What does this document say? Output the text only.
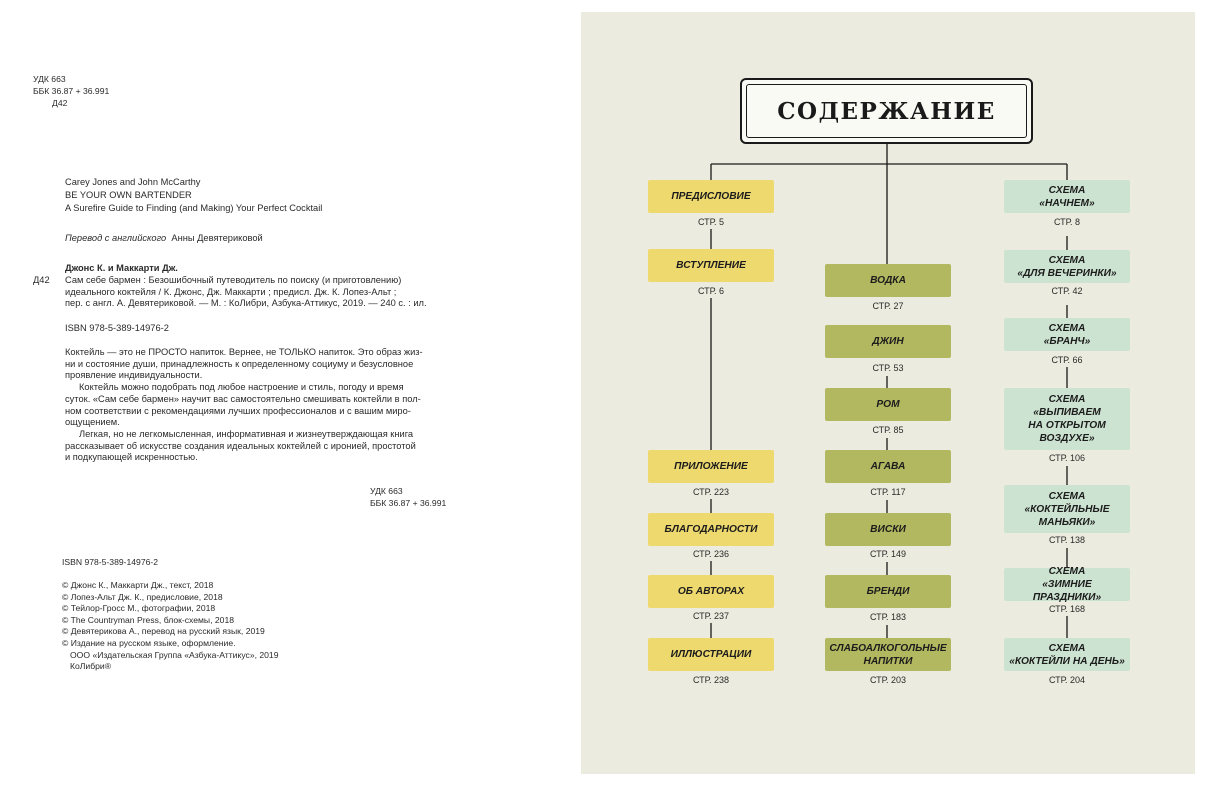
УДК 663

ББК 36.87 + 36.991

Д42

Carey Jones and John McCarthy

BE YOUR OWN BARTENDER

A Surefire Guide to Finding (and Making) Your Perfect Cocktail

Перевод с английского Анны Девятериковой

Джонс К. и Маккарти Дж.

Д42 Сам себе бармен : Безошибочный путеводитель по поиску (и приготовлению)
идеального коктейля / К. Джонс, Дж. Маккарти ; предисл. Дж. К. Лопез-Альт ;
пер. с англ. А. Девятериковой. — М. : КоЛибри, Азбука-Аттикус, 2019. — 240 с. : ил.

ISBN 978-5-389-14976-2

Коктейль — это не ПРОСТО напиток. Вернее, не ТОЛЬКО напиток. Это образ жиз-
ни и состояние души, принадлежность к определенному социуму и безусловное
проявление индивидуальности.
Коктейль можно подобрать под любое настроение и стиль, погоду и время
суток. «Сам себе бармен» научит вас самостоятельно смешивать коктейли в пол-
ном соответствии с рекомендациями лучших профессионалов и с вашим миро-
ощущением.
Легкая, но не легкомысленная, информативная и жизнеутверждающая книга
рассказывает об искусстве создания идеальных коктейлей с иронией, простотой
и подкупающей искренностью.

УДК 663

ББК 36.87 + 36.991

ISBN 978-5-389-14976-2

© Джонс К., Маккарти Дж., текст, 2018
© Лопез-Альт Дж. К., предисловие, 2018
© Тейлор-Гросс М., фотографии, 2018
© The Countryman Press, блок-схемы, 2018
© Девятерикова А., перевод на русский язык, 2019
© Издание на русском языке, оформление.
ООО «Издательская Группа «Азбука-Аттикус», 2019
КоЛибри®
СОДЕРЖАНИЕ
ПРЕДИСЛОВИЕ
СТР. 5
ВСТУПЛЕНИЕ
СТР. 6
ПРИЛОЖЕНИЕ
СТР. 223
БЛАГОДАРНОСТИ
СТР. 236
ОБ АВТОРАХ
СТР. 237
ИЛЛЮСТРАЦИИ
СТР. 238
ВОДКА
СТР. 27
ДЖИН
СТР. 53
РОМ
СТР. 85
АГАВА
СТР. 117
ВИСКИ
СТР. 149
БРЕНДИ
СТР. 183
СЛАБОАЛКОГОЛЬНЫЕ
НАПИТКИ
СТР. 203
СХЕМА
«НАЧНЕМ»
СТР. 8
СХЕМА
«ДЛЯ ВЕЧЕРИНКИ»
СТР. 42
СХЕМА
«БРАНЧ»
СТР. 66
СХЕМА
«ВЫПИВАЕМ
НА ОТКРЫТОМ
ВОЗДУХЕ»
СТР. 106
СХЕМА
«КОКТЕЙЛЬНЫЕ
МАНЬЯКИ»
СТР. 138
СХЕМА
«ЗИМНИЕ ПРАЗДНИКИ»
СТР. 168
СХЕМА
«КОКТЕЙЛИ НА ДЕНЬ»
СТР. 204
